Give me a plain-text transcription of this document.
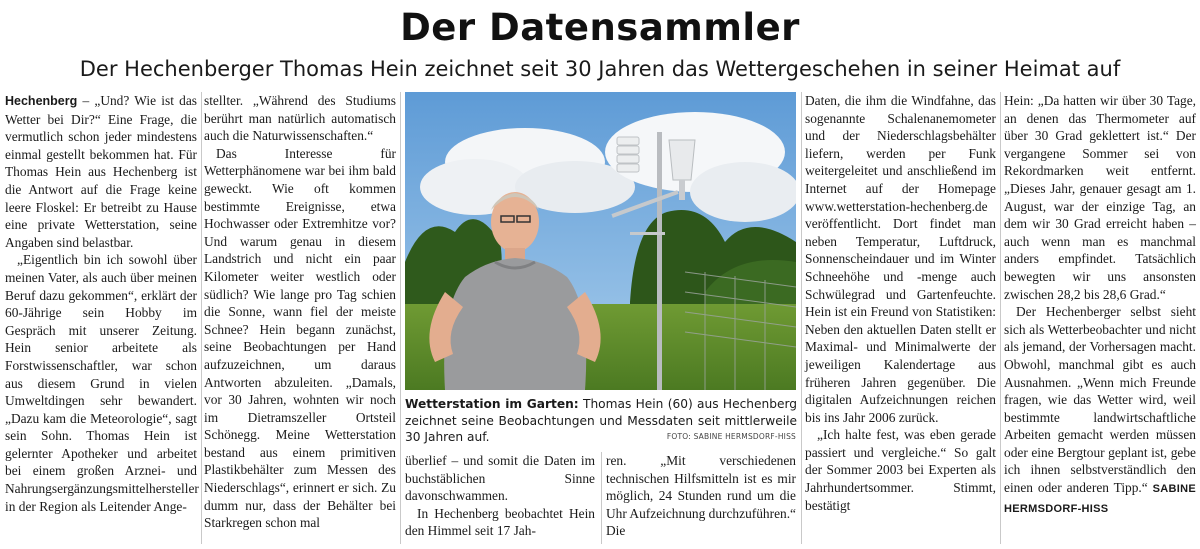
Der Datensammler
Der Hechenberger Thomas Hein zeichnet seit 30 Jahren das Wettergeschehen in seiner Heimat auf

Hechenberg – „Und? Wie ist das Wetter bei Dir?“ Eine Frage, die vermutlich schon jeder mindestens einmal gestellt bekommen hat. Für Thomas Hein aus Hechenberg ist die Antwort auf die Frage keine leere Floskel: Er betreibt zu Hause eine private Wetterstation, seine Angaben sind belastbar.

„Eigentlich bin ich sowohl über meinen Vater, als auch über meinen Beruf dazu gekommen“, erklärt der 60-Jährige sein Hobby im Gespräch mit unserer Zeitung. Hein senior arbeitete als Forstwissenschaftler, war schon aus diesem Grund in vielen Umweltdingen sehr bewandert. „Dazu kam die Meteorologie“, sagt sein Sohn. Thomas Hein ist gelernter Apotheker und arbeitet bei einem großen Arznei- und Nahrungsergänzungsmittelhersteller in der Region als Leitender Ange-

stellter. „Während des Studiums berührt man natürlich automatisch auch die Naturwissenschaften.“

Das Interesse für Wetterphänomene war bei ihm bald geweckt. Wie oft kommen bestimmte Ereignisse, etwa Hochwasser oder Extremhitze vor? Und warum genau in diesem Landstrich und nicht ein paar Kilometer weiter westlich oder südlich? Wie lange pro Tag schien die Sonne, wann fiel der meiste Schnee? Hein begann zunächst, seine Beobachtungen per Hand aufzuzeichnen, um daraus Antworten abzuleiten. „Damals, vor 30 Jahren, wohnten wir noch im Dietramszeller Ortsteil Schönegg. Meine Wetterstation bestand aus einem primitiven Plastikbehälter zum Messen des Niederschlags“, erinnert er sich. Zu dumm nur, dass der Behälter bei Starkregen schon mal

Wetterstation im Garten: Thomas Hein (60) aus Hechenberg zeichnet seine Beobachtungen und Messdaten seit mittlerweile 30 Jahren auf.	FOTO: SABINE HERMSDORF-HISS

überlief – und somit die Daten im buchstäblichen Sinne davonschwammen.

In Hechenberg beobachtet Hein den Himmel seit 17 Jah-

ren. „Mit verschiedenen technischen Hilfsmitteln ist es mir möglich, 24 Stunden rund um die Uhr Aufzeichnung durchzuführen.“ Die

Daten, die ihm die Windfahne, das sogenannte Schalenanemometer und der Niederschlagsbehälter liefern, werden per Funk weitergeleitet und anschließend im Internet auf der Homepage www.wetterstation-hechenberg.de veröffentlicht. Dort findet man neben Temperatur, Luftdruck, Sonnenscheindauer und im Winter Schneehöhe und -menge auch Schwülegrad und Gartenfeuchte. Hein ist ein Freund von Statistiken: Neben den aktuellen Daten stellt er Maximal- und Minimalwerte der jeweiligen Kalendertage aus früheren Jahren gegenüber. Die digitalen Aufzeichnungen reichen bis ins Jahr 2006 zurück.

„Ich halte fest, was eben gerade passiert und vergleiche.“ So galt der Sommer 2003 bei Experten als Jahrhundertsommer. Stimmt, bestätigt

Hein: „Da hatten wir über 30 Tage, an denen das Thermometer auf über 30 Grad geklettert ist.“ Der vergangene Sommer sei von Rekordmarken weit entfernt. „Dieses Jahr, genauer gesagt am 1. August, war der einzige Tag, an dem wir 30 Grad erreicht haben – auch wenn man es manchmal anders empfindet. Tatsächlich bewegten wir uns ansonsten zwischen 28,2 bis 28,6 Grad.“

Der Hechenberger selbst sieht sich als Wetterbeobachter und nicht als jemand, der Vorhersagen macht. Obwohl, manchmal gibt es auch Ausnahmen. „Wenn mich Freunde fragen, wie das Wetter wird, weil bestimmte landwirtschaftliche Arbeiten gemacht werden müssen oder eine Bergtour geplant ist, gebe ich ihnen selbstverständlich den einen oder anderen Tipp.“ SABINE HERMSDORF-HISS
